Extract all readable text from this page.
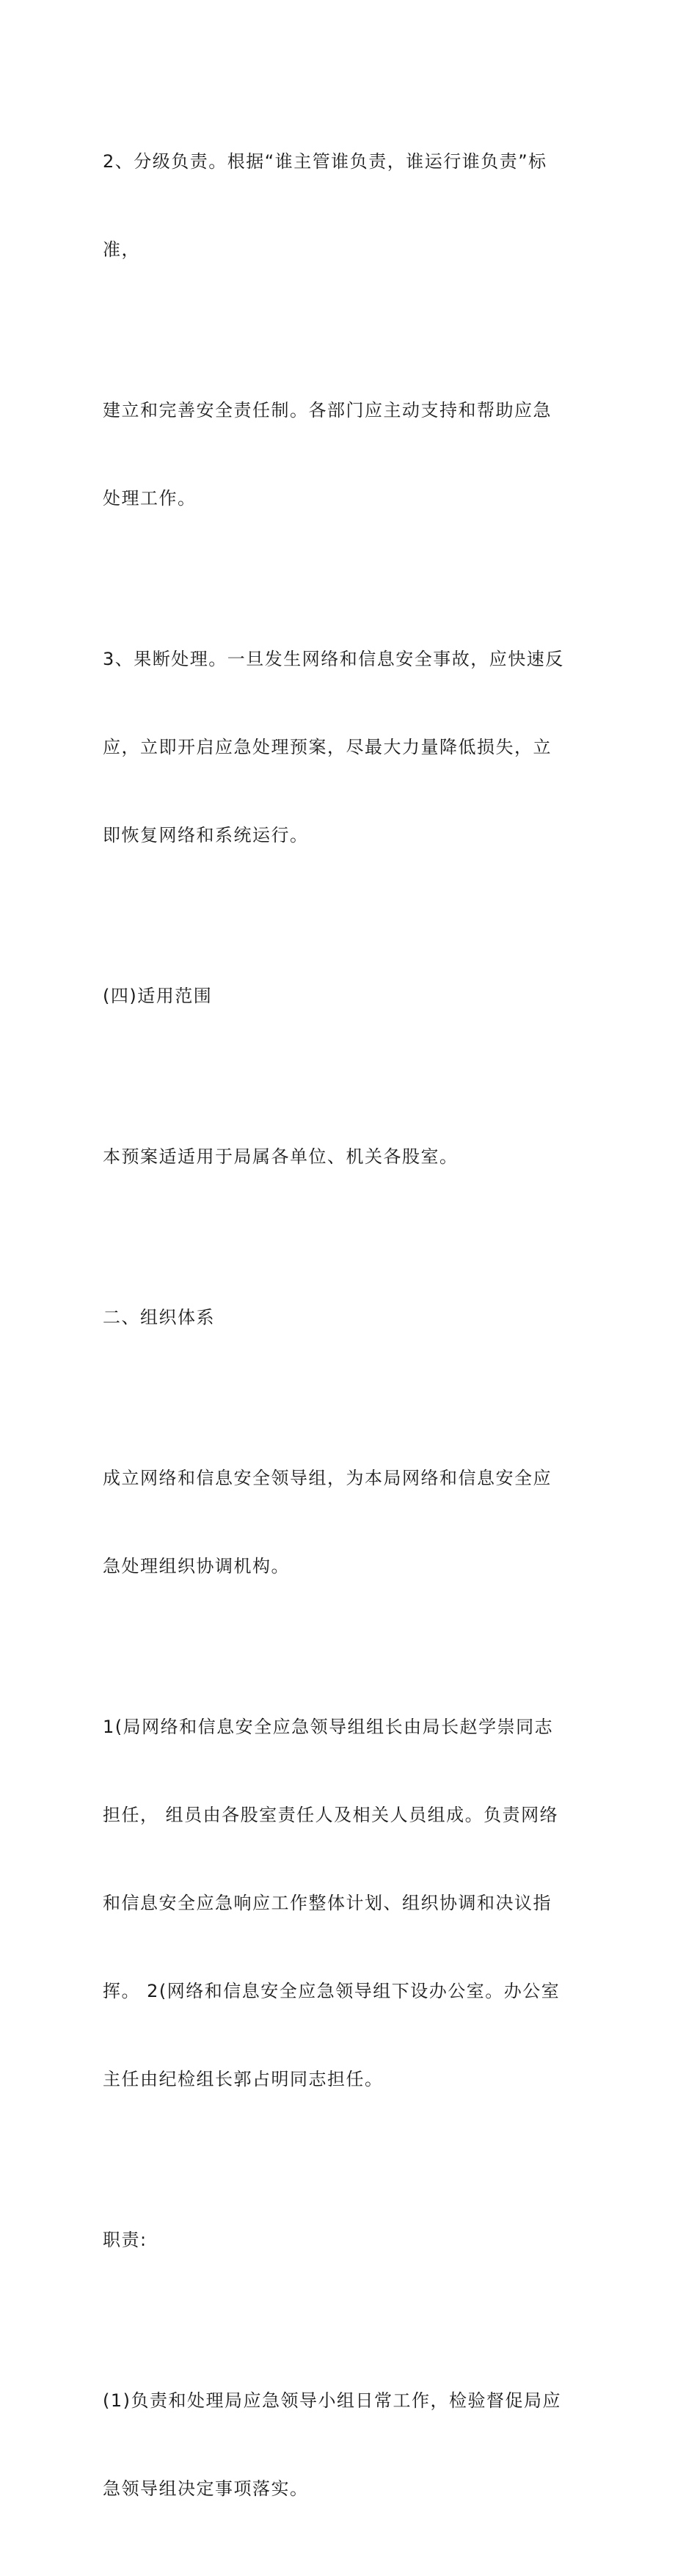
2、分级负责。根据“谁主管谁负责，谁运行谁负责”标

准，

建立和完善安全责任制。各部门应主动支持和帮助应急

处理工作。

3、果断处理。一旦发生网络和信息安全事故，应快速反

应，立即开启应急处理预案，尽最大力量降低损失，立

即恢复网络和系统运行。

(四)适用范围

本预案适适用于局属各单位、机关各股室。

二、组织体系

成立网络和信息安全领导组，为本局网络和信息安全应

急处理组织协调机构。

1(局网络和信息安全应急领导组组长由局长赵学崇同志

担任， 组员由各股室责任人及相关人员组成。负责网络

和信息安全应急响应工作整体计划、组织协调和决议指

挥。 2(网络和信息安全应急领导组下设办公室。办公室

主任由纪检组长郭占明同志担任。

职责:

(1)负责和处理局应急领导小组日常工作，检验督促局应

急领导组决定事项落实。
